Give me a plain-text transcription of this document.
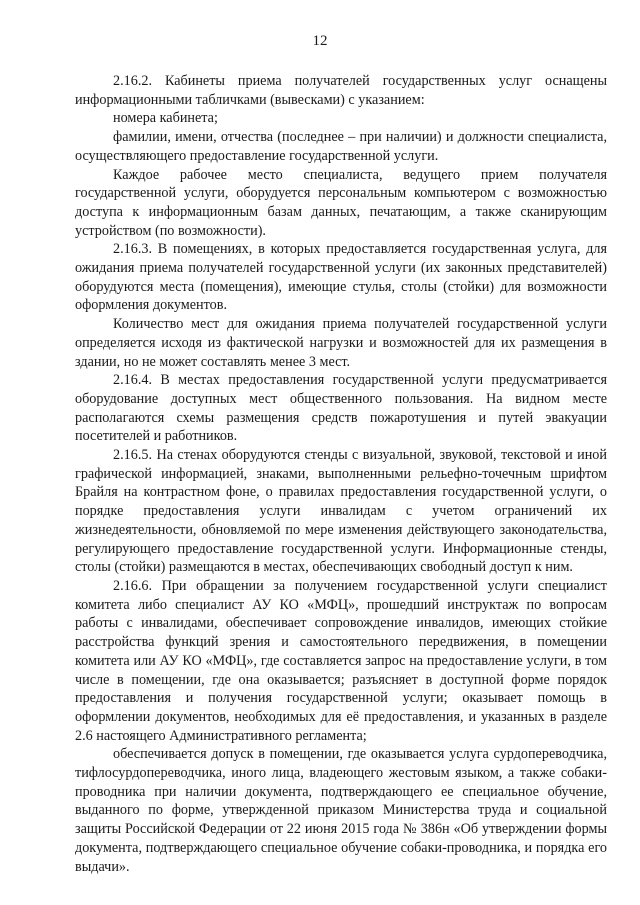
12

2.16.2. Кабинеты приема получателей государственных услуг оснащены информационными табличками (вывесками) с указанием:

номера кабинета;

фамилии, имени, отчества (последнее – при наличии) и должности специалиста, осуществляющего предоставление государственной услуги.

Каждое рабочее место специалиста, ведущего прием получателя государственной услуги, оборудуется персональным компьютером с возможностью доступа к информационным базам данных, печатающим, а также сканирующим устройством (по возможности).

2.16.3. В помещениях, в которых предоставляется государственная услуга, для ожидания приема получателей государственной услуги (их законных представителей) оборудуются места (помещения), имеющие стулья, столы (стойки) для возможности оформления документов.

Количество мест для ожидания приема получателей государственной услуги определяется исходя из фактической нагрузки и возможностей для их размещения в здании, но не может составлять менее 3 мест.

2.16.4. В местах предоставления государственной услуги предусматривается оборудование доступных мест общественного пользования. На видном месте располагаются схемы размещения средств пожаротушения и путей эвакуации посетителей и работников.

2.16.5. На стенах оборудуются стенды с визуальной, звуковой, текстовой и иной графической информацией, знаками, выполненными рельефно-точечным шрифтом Брайля на контрастном фоне, о правилах предоставления государственной услуги, о порядке предоставления услуги инвалидам с учетом ограничений их жизнедеятельности, обновляемой по мере изменения действующего законодательства, регулирующего предоставление государственной услуги. Информационные стенды, столы (стойки) размещаются в местах, обеспечивающих свободный доступ к ним.

2.16.6. При обращении за получением государственной услуги специалист комитета либо специалист АУ КО «МФЦ», прошедший инструктаж по вопросам работы с инвалидами, обеспечивает сопровождение инвалидов, имеющих стойкие расстройства функций зрения и самостоятельного передвижения, в помещении комитета или АУ КО «МФЦ», где составляется запрос на предоставление услуги, в том числе в помещении, где она оказывается; разъясняет в доступной форме порядок предоставления и получения государственной услуги; оказывает помощь в оформлении документов, необходимых для её предоставления, и указанных в разделе 2.6 настоящего Административного регламента;

обеспечивается допуск в помещении, где оказывается услуга сурдопереводчика, тифлосурдопереводчика, иного лица, владеющего жестовым языком, а также собаки-проводника при наличии документа, подтверждающего ее специальное обучение, выданного по форме, утвержденной приказом Министерства труда и социальной защиты Российской Федерации от 22 июня 2015 года № 386н «Об утверждении формы документа, подтверждающего специальное обучение собаки-проводника, и порядка его выдачи».
